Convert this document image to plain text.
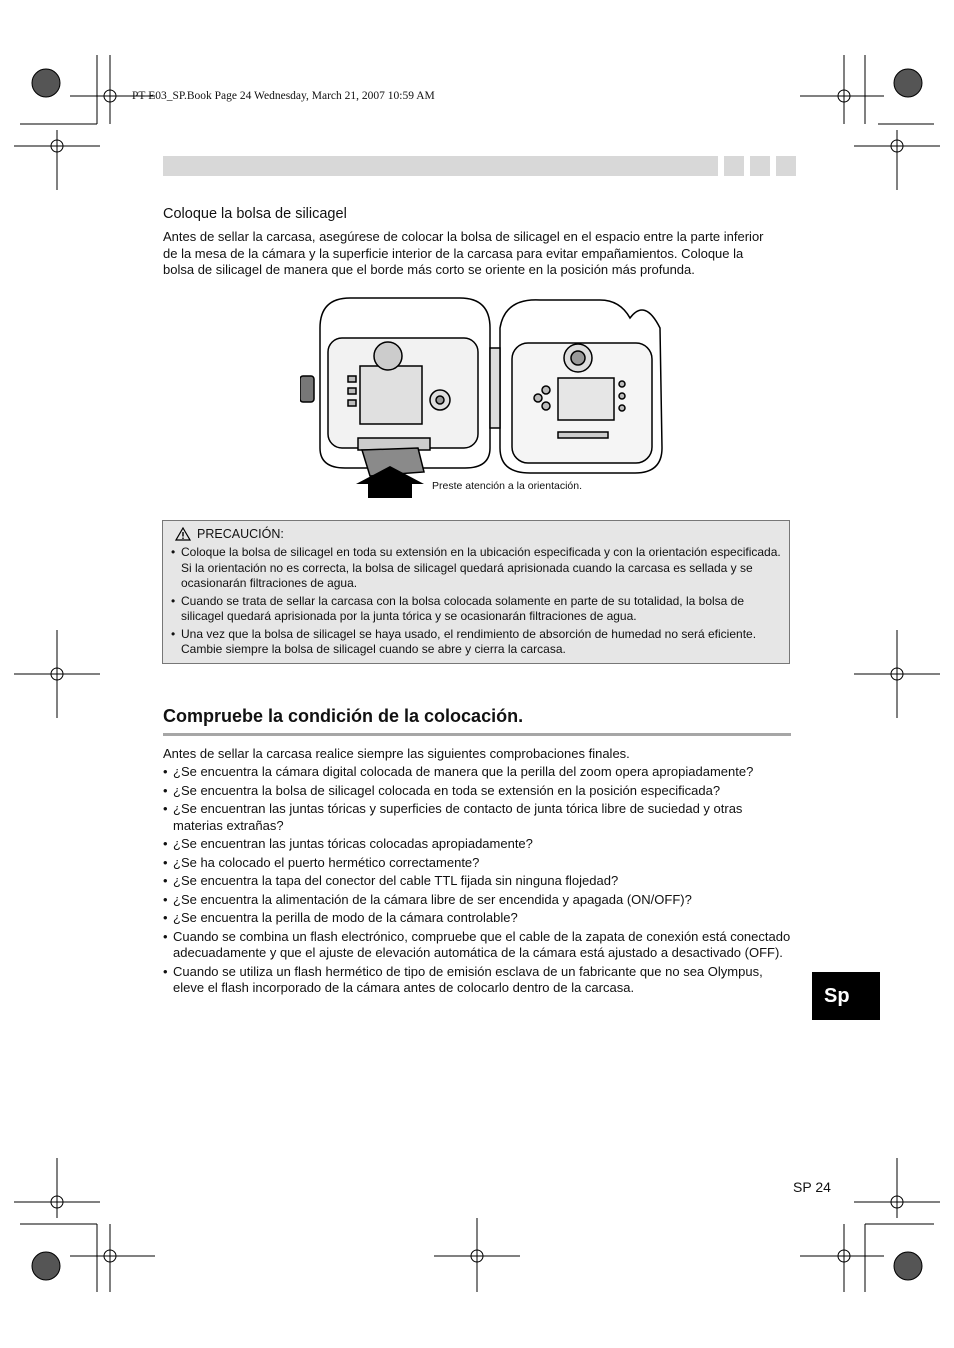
PT-E03_SP.Book Page 24 Wednesday, March 21, 2007 10:59 AM
Coloque la bolsa de silicagel
Antes de sellar la carcasa, asegúrese de colocar la bolsa de silicagel en el espacio entre la parte inferior
de la mesa de la cámara y la superficie interior de la carcasa para evitar empañamientos. Coloque la
bolsa de silicagel de manera que el borde más corto se oriente en la posición más profunda.
Preste atención a la orientación.
PRECAUCIÓN:
• Coloque la bolsa de silicagel en toda su extensión en la ubicación especificada y con la orientación especificada. Si la orientación no es correcta, la bolsa de silicagel quedará aprisionada cuando la carcasa es sellada y se ocasionarán filtraciones de agua.
• Cuando se trata de sellar la carcasa con la bolsa colocada solamente en parte de su totalidad, la bolsa de silicagel quedará aprisionada por la junta tórica y se ocasionarán filtraciones de agua.
• Una vez que la bolsa de silicagel se haya usado, el rendimiento de absorción de humedad no será eficiente. Cambie siempre la bolsa de silicagel cuando se abre y cierra la carcasa.
Compruebe la condición de la colocación.
Antes de sellar la carcasa realice siempre las siguientes comprobaciones finales.
• ¿Se encuentra la cámara digital colocada de manera que la perilla del zoom opera apropiadamente?
• ¿Se encuentra la bolsa de silicagel colocada en toda se extensión en la posición especificada?
• ¿Se encuentran las juntas tóricas y superficies de contacto de junta tórica libre de suciedad y otras materias extrañas?
• ¿Se encuentran las juntas tóricas colocadas apropiadamente?
• ¿Se ha colocado el puerto hermético correctamente?
• ¿Se encuentra la tapa del conector del cable TTL fijada sin ninguna flojedad?
• ¿Se encuentra la alimentación de la cámara libre de ser encendida y apagada (ON/OFF)?
• ¿Se encuentra la perilla de modo de la cámara controlable?
• Cuando se combina un flash electrónico, compruebe que el cable de la zapata de conexión está conectado adecuadamente y que el ajuste de elevación automática de la cámara está ajustado a desactivado (OFF).
• Cuando se utiliza un flash hermético de tipo de emisión esclava de un fabricante que no sea Olympus, eleve el flash incorporado de la cámara antes de colocarlo dentro de la carcasa.	Sp
SP 24
